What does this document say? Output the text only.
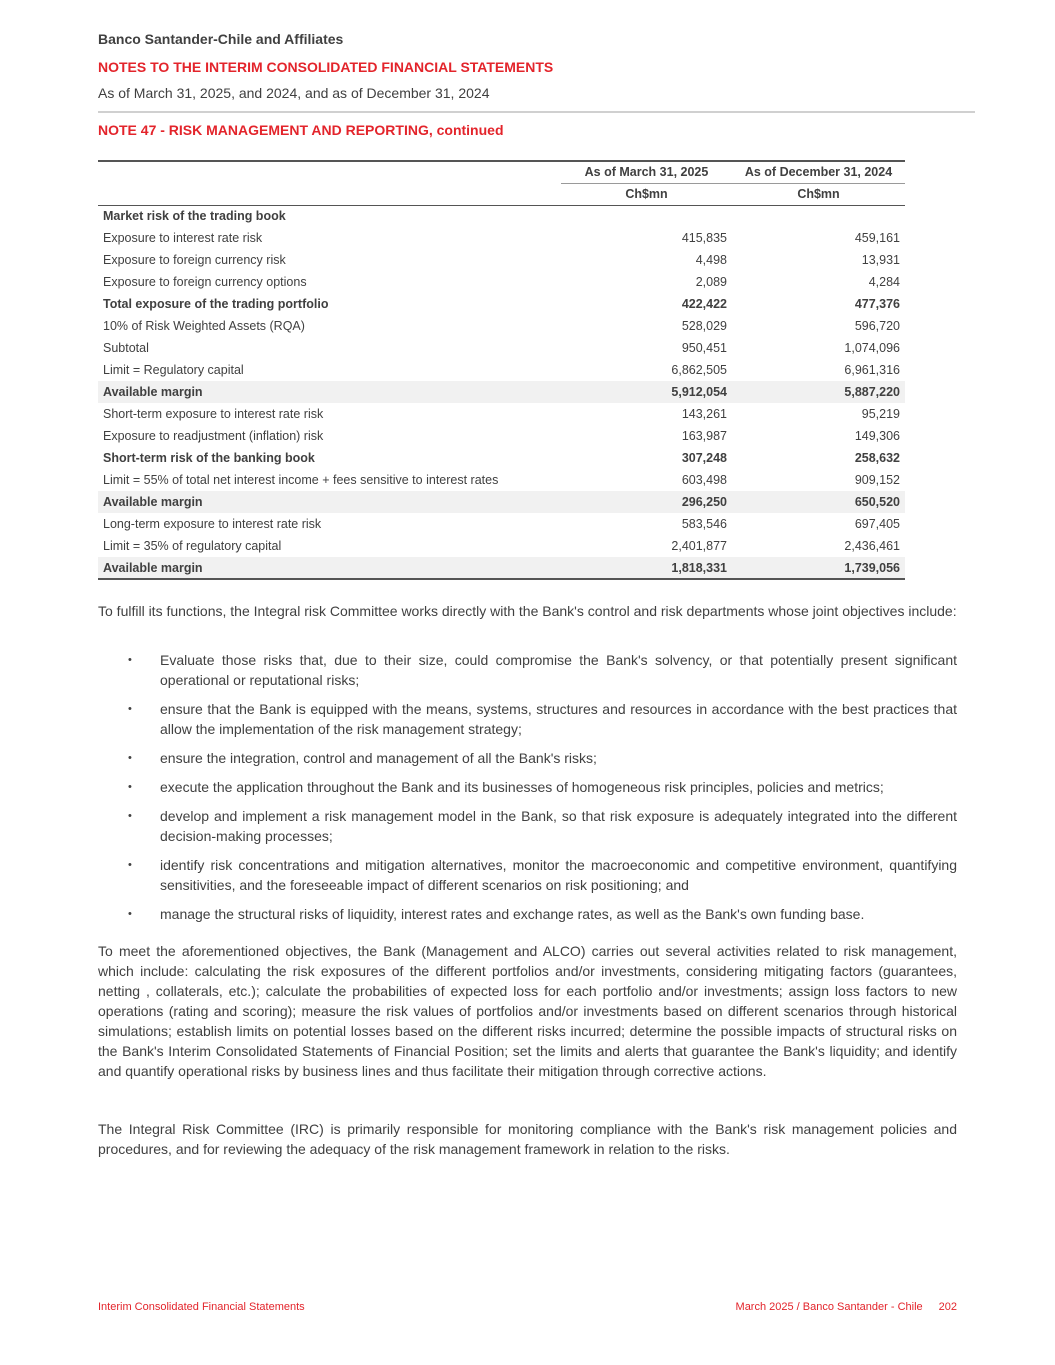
Banco Santander-Chile and Affiliates
NOTES TO THE INTERIM CONSOLIDATED FINANCIAL STATEMENTS
As of March 31, 2025, and 2024, and as of December 31, 2024
NOTE 47 - RISK MANAGEMENT AND REPORTING, continued
	As of March 31, 2025	As of December 31, 2024
	Ch$mn	Ch$mn
Market risk of the trading book		
Exposure to interest rate risk	415,835	459,161
Exposure to foreign currency risk	4,498	13,931
Exposure to foreign currency options	2,089	4,284
Total exposure of the trading portfolio	422,422	477,376
10% of Risk Weighted Assets (RQA)	528,029	596,720
Subtotal	950,451	1,074,096
Limit = Regulatory capital	6,862,505	6,961,316
Available margin	5,912,054	5,887,220
Short-term exposure to interest rate risk	143,261	95,219
Exposure to readjustment (inflation) risk	163,987	149,306
Short-term risk of the banking book	307,248	258,632
Limit = 55% of total net interest income + fees sensitive to interest rates	603,498	909,152
Available margin	296,250	650,520
Long-term exposure to interest rate risk	583,546	697,405
Limit = 35% of regulatory capital	2,401,877	2,436,461
Available margin	1,818,331	1,739,056

To fulfill its functions, the Integral risk Committee works directly with the Bank's control and risk departments whose joint objectives include:

• Evaluate those risks that, due to their size, could compromise the Bank's solvency, or that potentially present significant operational or reputational risks;
• ensure that the Bank is equipped with the means, systems, structures and resources in accordance with the best practices that allow the implementation of the risk management strategy;
• ensure the integration, control and management of all the Bank's risks;
• execute the application throughout the Bank and its businesses of homogeneous risk principles, policies and metrics;
• develop and implement a risk management model in the Bank, so that risk exposure is adequately integrated into the different decision-making processes;
• identify risk concentrations and mitigation alternatives, monitor the macroeconomic and competitive environment, quantifying sensitivities, and the foreseeable impact of different scenarios on risk positioning; and
• manage the structural risks of liquidity, interest rates and exchange rates, as well as the Bank's own funding base.

To meet the aforementioned objectives, the Bank (Management and ALCO) carries out several activities related to risk management, which include: calculating the risk exposures of the different portfolios and/or investments, considering mitigating factors (guarantees, netting , collaterals, etc.); calculate the probabilities of expected loss for each portfolio and/or investments; assign loss factors to new operations (rating and scoring); measure the risk values of portfolios and/or investments based on different scenarios through historical simulations; establish limits on potential losses based on the different risks incurred; determine the possible impacts of structural risks on the Bank's Interim Consolidated Statements of Financial Position; set the limits and alerts that guarantee the Bank's liquidity; and identify and quantify operational risks by business lines and thus facilitate their mitigation through corrective actions.

The Integral Risk Committee (IRC) is primarily responsible for monitoring compliance with the Bank's risk management policies and procedures, and for reviewing the adequacy of the risk management framework in relation to the risks.

Interim Consolidated Financial Statements	March 2025 / Banco Santander - Chile 202
